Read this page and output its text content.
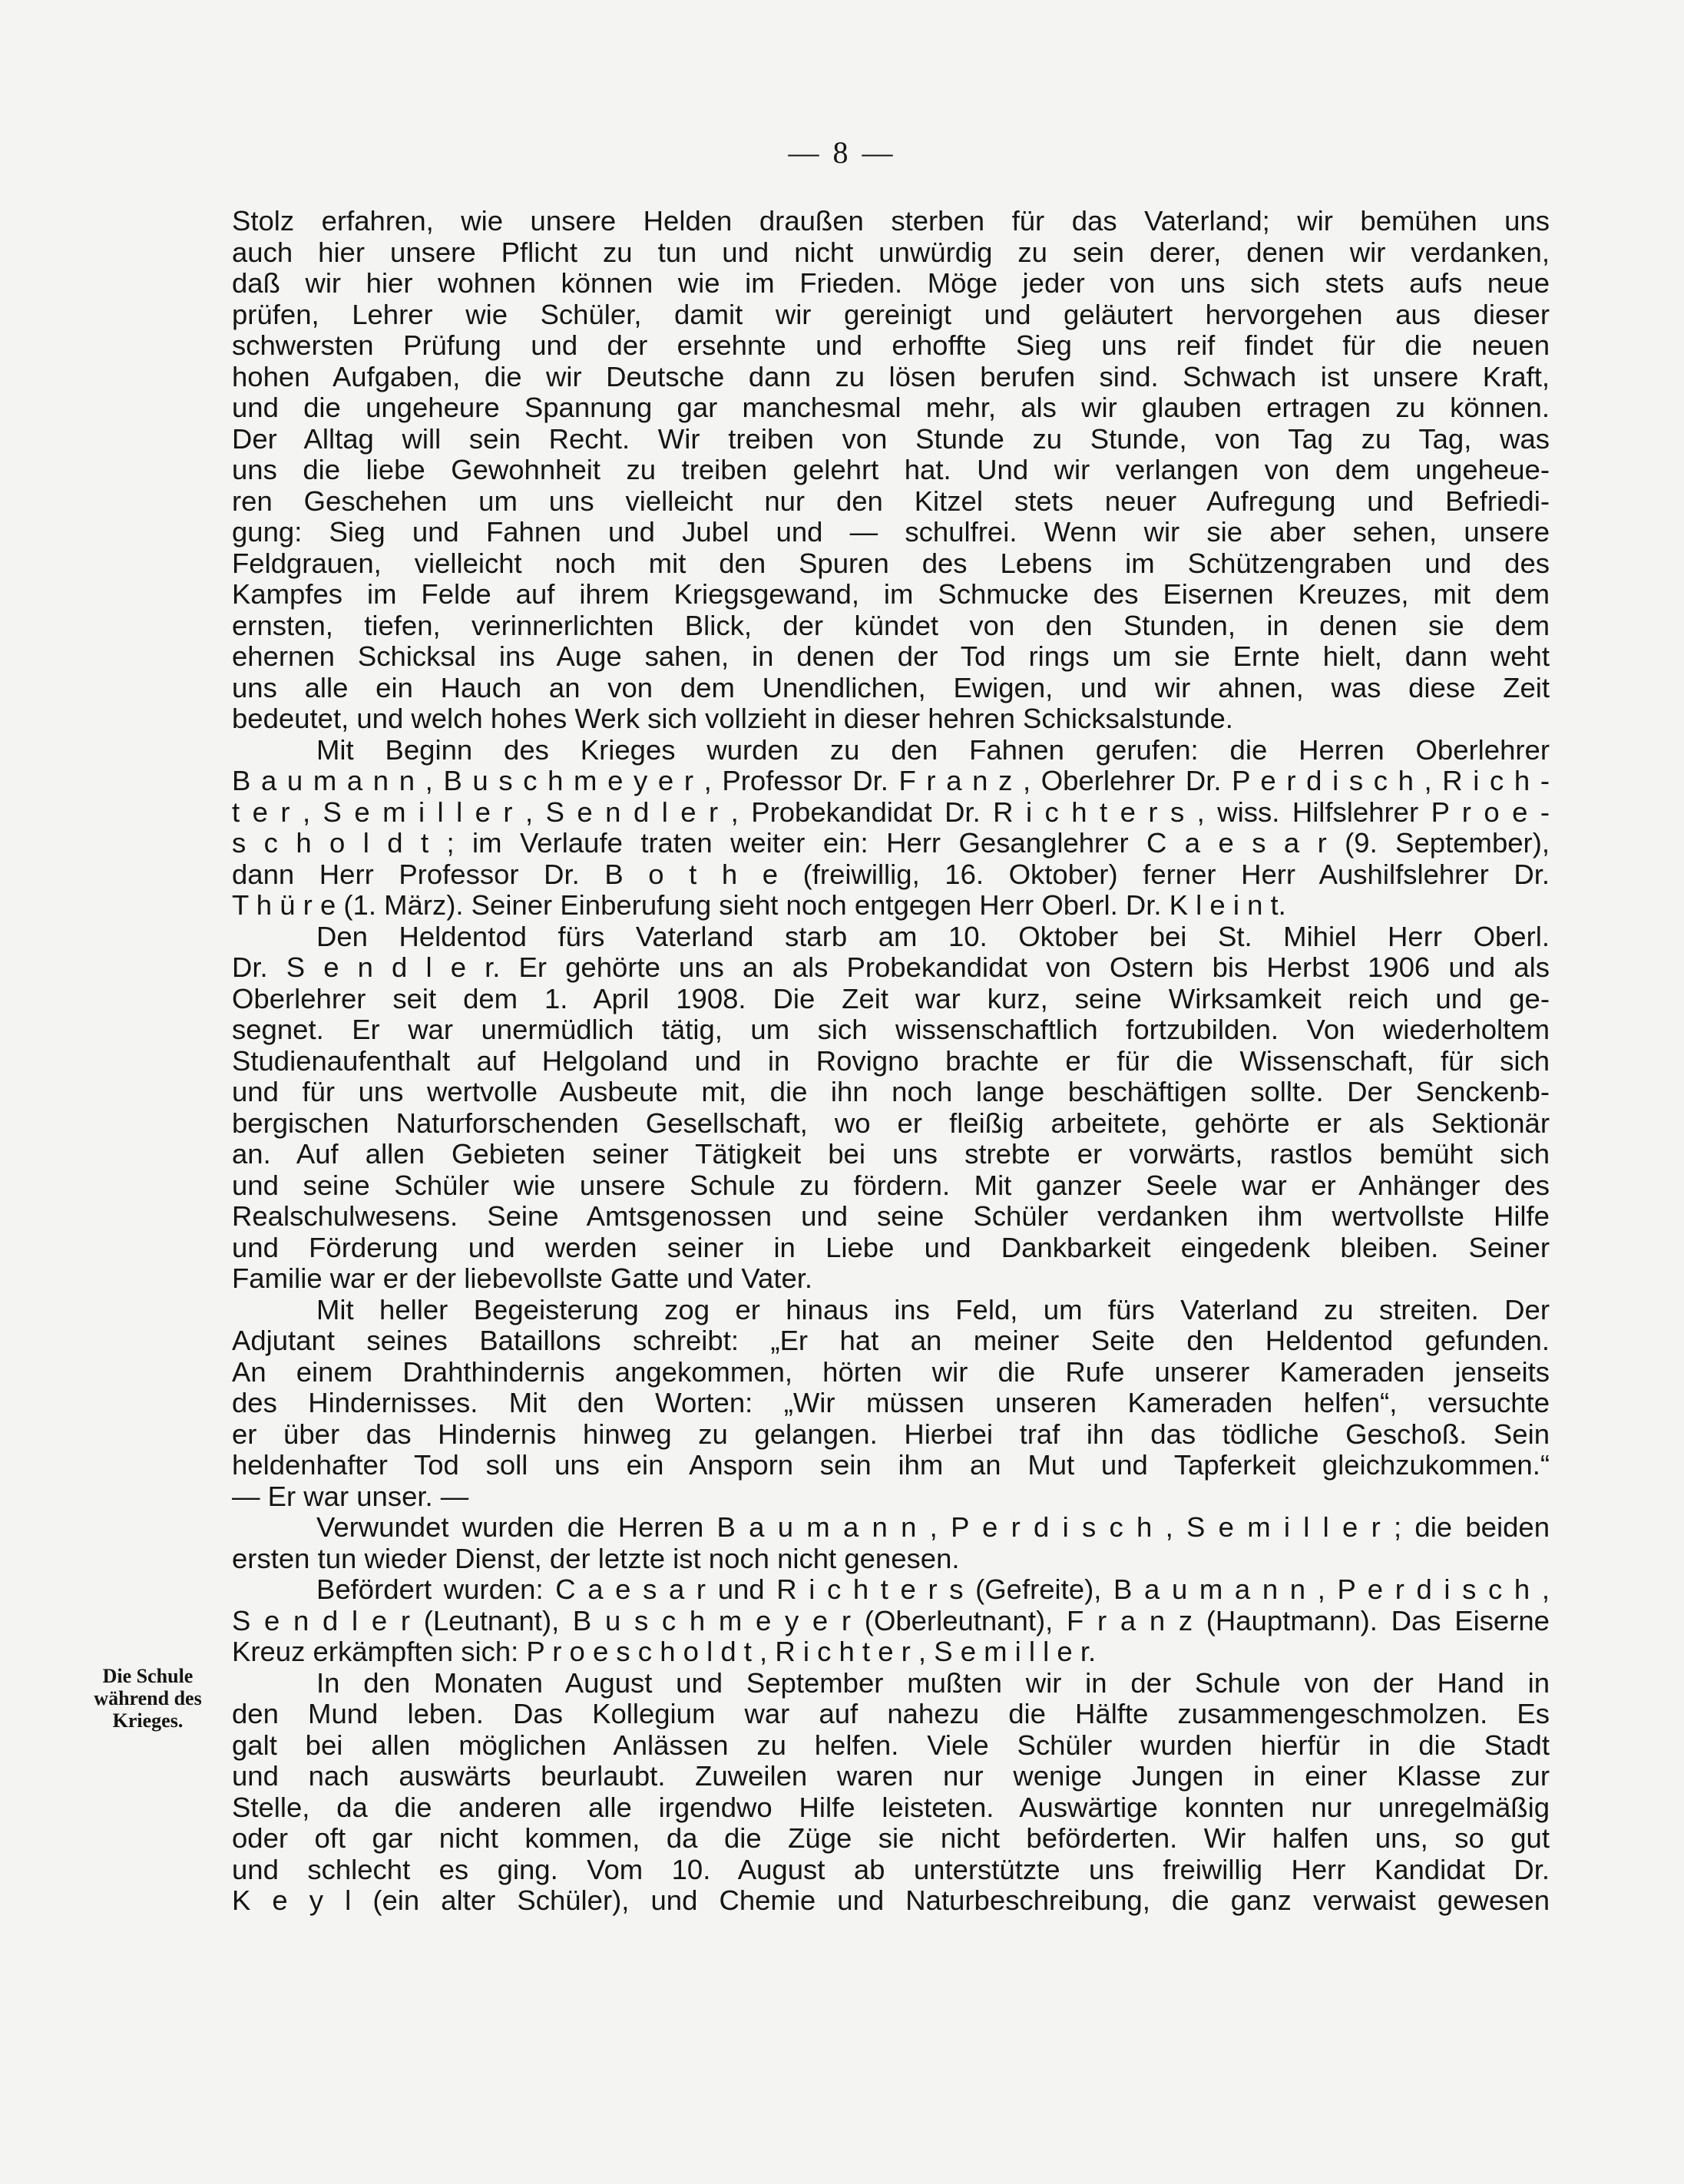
— 8 —
Die Schule
während des
Krieges.
Stolz erfahren, wie unsere Helden draußen sterben für das Vaterland; wir bemühen uns
auch hier unsere Pflicht zu tun und nicht unwürdig zu sein derer, denen wir verdanken,
daß wir hier wohnen können wie im Frieden. Möge jeder von uns sich stets aufs neue
prüfen, Lehrer wie Schüler, damit wir gereinigt und geläutert hervorgehen aus dieser
schwersten Prüfung und der ersehnte und erhoffte Sieg uns reif findet für die neuen
hohen Aufgaben, die wir Deutsche dann zu lösen berufen sind. Schwach ist unsere Kraft,
und die ungeheure Spannung gar manchesmal mehr, als wir glauben ertragen zu können.
Der Alltag will sein Recht. Wir treiben von Stunde zu Stunde, von Tag zu Tag, was
uns die liebe Gewohnheit zu treiben gelehrt hat. Und wir verlangen von dem ungeheue-
ren Geschehen um uns vielleicht nur den Kitzel stets neuer Aufregung und Befriedi-
gung: Sieg und Fahnen und Jubel und — schulfrei. Wenn wir sie aber sehen, unsere
Feldgrauen, vielleicht noch mit den Spuren des Lebens im Schützengraben und des
Kampfes im Felde auf ihrem Kriegsgewand, im Schmucke des Eisernen Kreuzes, mit dem
ernsten, tiefen, verinnerlichten Blick, der kündet von den Stunden, in denen sie dem
ehernen Schicksal ins Auge sahen, in denen der Tod rings um sie Ernte hielt, dann weht
uns alle ein Hauch an von dem Unendlichen, Ewigen, und wir ahnen, was diese Zeit
bedeutet, und welch hohes Werk sich vollzieht in dieser hehren Schicksalstunde.
Mit Beginn des Krieges wurden zu den Fahnen gerufen: die Herren Oberlehrer
B a u m a n n , B u s c h m e y e r , Professor Dr. F r a n z , Oberlehrer Dr. P e r d i s c h , R i c h -
t e r , S e m i l l e r , S e n d l e r , Probekandidat Dr. R i c h t e r s , wiss. Hilfslehrer P r o e -
s c h o l d t ; im Verlaufe traten weiter ein: Herr Gesanglehrer C a e s a r (9. September),
dann Herr Professor Dr. B o t h e (freiwillig, 16. Oktober) ferner Herr Aushilfslehrer Dr.
T h ü r e (1. März). Seiner Einberufung sieht noch entgegen Herr Oberl. Dr. K l e i n t.
Den Heldentod fürs Vaterland starb am 10. Oktober bei St. Mihiel Herr Oberl.
Dr. S e n d l e r. Er gehörte uns an als Probekandidat von Ostern bis Herbst 1906 und als
Oberlehrer seit dem 1. April 1908. Die Zeit war kurz, seine Wirksamkeit reich und ge-
segnet. Er war unermüdlich tätig, um sich wissenschaftlich fortzubilden. Von wiederholtem
Studienaufenthalt auf Helgoland und in Rovigno brachte er für die Wissenschaft, für sich
und für uns wertvolle Ausbeute mit, die ihn noch lange beschäftigen sollte. Der Senckenb-
bergischen Naturforschenden Gesellschaft, wo er fleißig arbeitete, gehörte er als Sektionär
an. Auf allen Gebieten seiner Tätigkeit bei uns strebte er vorwärts, rastlos bemüht sich
und seine Schüler wie unsere Schule zu fördern. Mit ganzer Seele war er Anhänger des
Realschulwesens. Seine Amtsgenossen und seine Schüler verdanken ihm wertvollste Hilfe
und Förderung und werden seiner in Liebe und Dankbarkeit eingedenk bleiben. Seiner
Familie war er der liebevollste Gatte und Vater.
Mit heller Begeisterung zog er hinaus ins Feld, um fürs Vaterland zu streiten. Der
Adjutant seines Bataillons schreibt: „Er hat an meiner Seite den Heldentod gefunden.
An einem Drahthindernis angekommen, hörten wir die Rufe unserer Kameraden jenseits
des Hindernisses. Mit den Worten: „Wir müssen unseren Kameraden helfen“, versuchte
er über das Hindernis hinweg zu gelangen. Hierbei traf ihn das tödliche Geschoß. Sein
heldenhafter Tod soll uns ein Ansporn sein ihm an Mut und Tapferkeit gleichzukommen.“
— Er war unser. —
Verwundet wurden die Herren B a u m a n n , P e r d i s c h , S e m i l l e r ; die beiden
ersten tun wieder Dienst, der letzte ist noch nicht genesen.
Befördert wurden: C a e s a r und R i c h t e r s (Gefreite), B a u m a n n , P e r d i s c h ,
S e n d l e r (Leutnant), B u s c h m e y e r (Oberleutnant), F r a n z (Hauptmann). Das Eiserne
Kreuz erkämpften sich: P r o e s c h o l d t , R i c h t e r , S e m i l l e r.
In den Monaten August und September mußten wir in der Schule von der Hand in
den Mund leben. Das Kollegium war auf nahezu die Hälfte zusammengeschmolzen. Es
galt bei allen möglichen Anlässen zu helfen. Viele Schüler wurden hierfür in die Stadt
und nach auswärts beurlaubt. Zuweilen waren nur wenige Jungen in einer Klasse zur
Stelle, da die anderen alle irgendwo Hilfe leisteten. Auswärtige konnten nur unregelmäßig
oder oft gar nicht kommen, da die Züge sie nicht beförderten. Wir halfen uns, so gut
und schlecht es ging. Vom 10. August ab unterstützte uns freiwillig Herr Kandidat Dr.
K e y l (ein alter Schüler), und Chemie und Naturbeschreibung, die ganz verwaist gewesen
